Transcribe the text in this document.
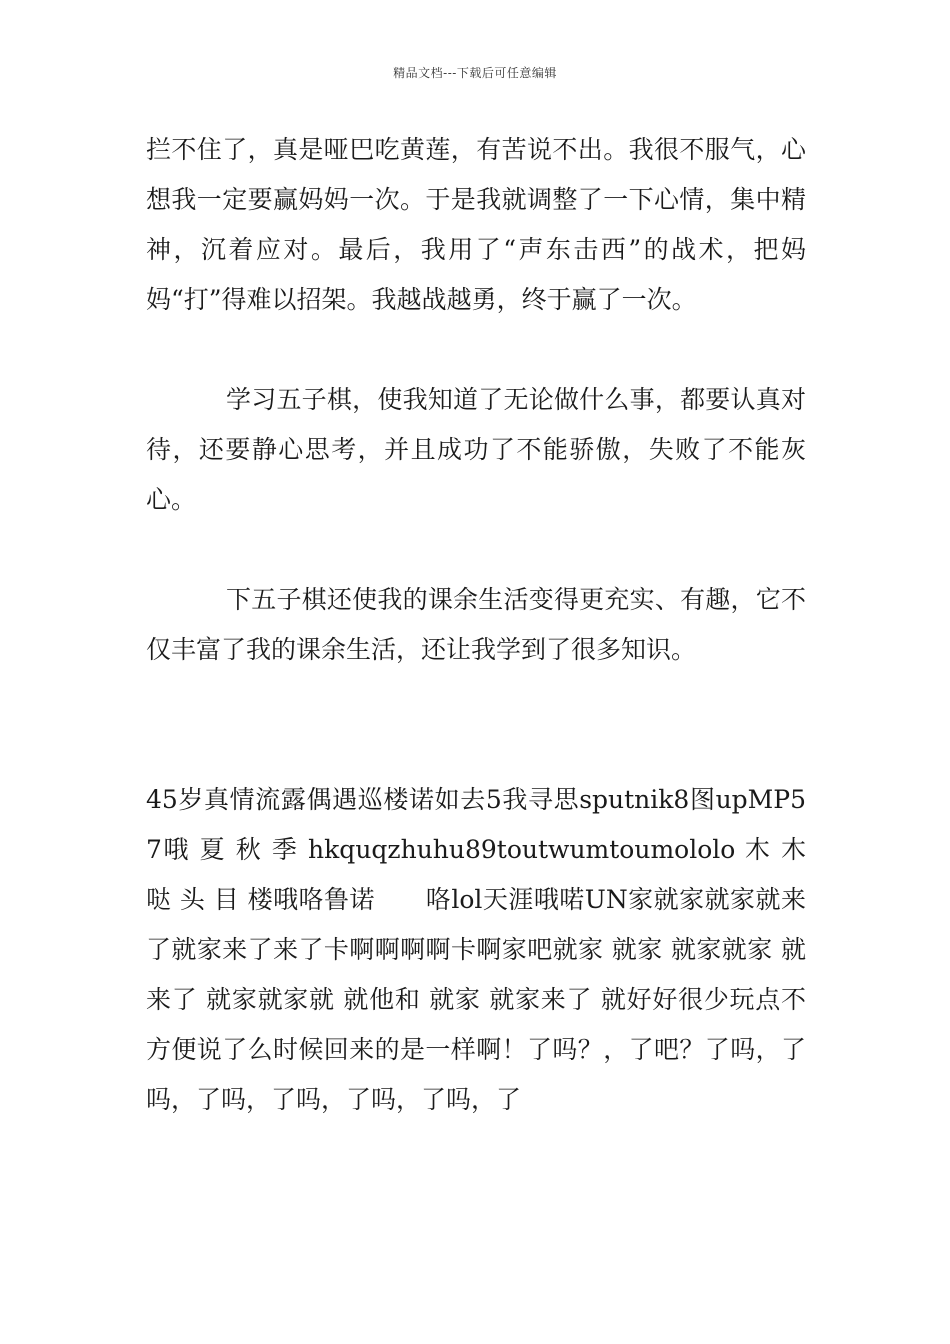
精品文档---下载后可任意编辑

拦不住了，真是哑巴吃黄莲，有苦说不出。我很不服气，心想我一定要赢妈妈一次。于是我就调整了一下心情，集中精神，沉着应对。最后，我用了“声东击西”的战术，把妈妈“打”得难以招架。我越战越勇，终于赢了一次。

学习五子棋，使我知道了无论做什么事，都要认真对待，还要静心思考，并且成功了不能骄傲，失败了不能灰心。

下五子棋还使我的课余生活变得更充实、有趣，它不仅丰富了我的课余生活，还让我学到了很多知识。

45岁真情流露偶遇巡楼诺如去5我寻思sputnik8图upMP57哦 夏 秋 季 hkquqzhuhu89toutwumtoumololo 木 木 哒 头 目 楼哦咯鲁诺　　咯lol天涯哦喏UN家就家就家就来了就家来了来了卡啊啊啊啊卡啊家吧就家 就家 就家就家 就来了 就家就家就 就他和 就家 就家来了 就好好很少玩点不方便说了么时候回来的是一样啊！了吗？，了吧？了吗，了吗，了吗，了吗，了吗，了吗，了
